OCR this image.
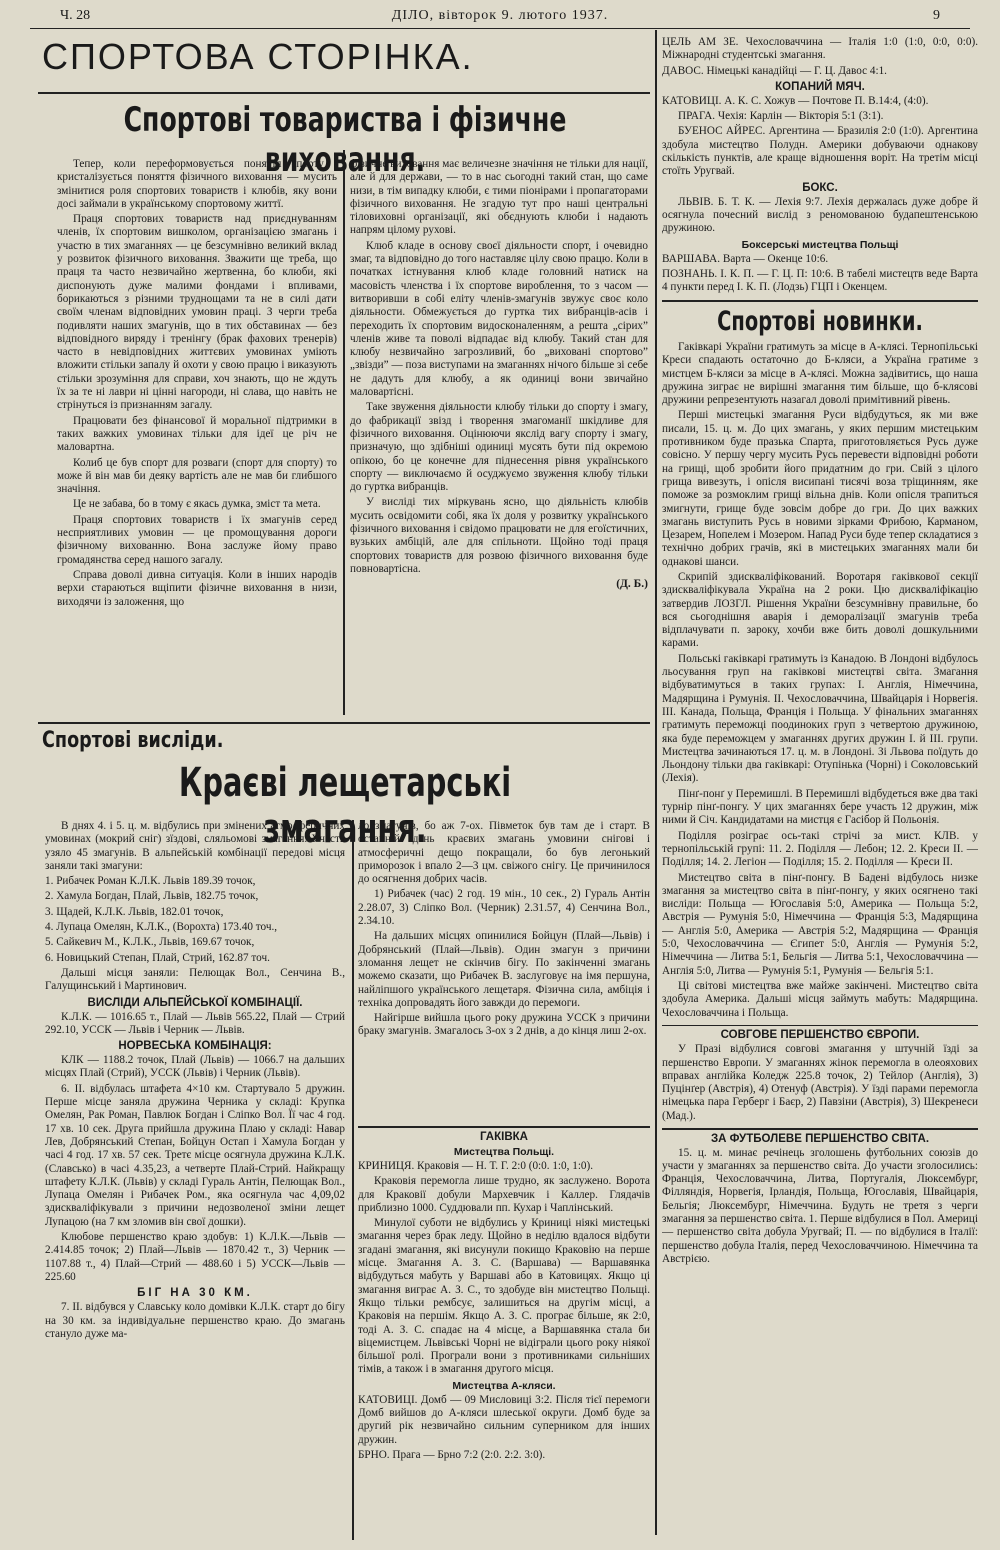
Ч. 28	ДІЛО, вівторок 9. лютого 1937.	9
СПОРТОВА СТОРІНКА.
Спортові товариства і фізичне виховання.

Тепер, коли переформовується поняття спорту і кристалізується поняття фізичного виховання — мусить змінитися роля спортових товариств і клюбів, яку вони досі займали в українському спортовому життї.

Праця спортових товариств над приєднуванням членів, їх спортовим вишколом, організацією змагань і участю в тих змаганнях — це безсумнівно великий вклад у розвиток фізичного виховання. Зважити ще треба, що праця та часто незвичайно жертвенна, бо клюби, які диспонують дуже малими фондами і впливами, борикаються з різними труднощами та не в силі дати своїм членам відповідних умовин праці. З черги треба подивляти наших змагунів, що в тих обставинах — без відповідного виряду і тренінгу (брак фахових тренерів) часто в невідповідних життєвих умовинах уміють вложити стільки запалу й охоти у свою працю і виказують стільки зрозуміння для справи, хоч знають, що не ждуть їх за те ні лаври ні цінні нагороди, ні слава, що навіть не стрінуться із признанням загалу.

Працювати без фінансової й моральної підтримки в таких важких умовинах тільки для ідеї це річ не маловартна.

Колиб це був спорт для розваги (спорт для спорту) то може й він мав би деяку вартість але не мав би глибшого значіння.

Це не забава, бо в тому є якась думка, зміст та мета.

Праця спортових товариств і їх змагунів серед несприятливих умовин — це промощування дороги фізичному вихованню. Вона заслуже йому право громадянства серед нашого загалу.

Справа доволі дивна ситуація. Коли в інших народів верхи стараються вщіпити фізичне виховання в низи, виходячи із заложення, що

фізичне виховання має величезне значіння не тільки для нації, але й для держави, — то в нас сьогодні такий стан, що саме низи, в тім випадку клюби, є тими піонірами і пропагаторами фізичного виховання. Не згадую тут про наші центральні тіловиховні організації, які обєднують клюби і надають напрям цілому рухові.

Клюб кладе в основу своєї діяльности спорт, і очевидно змаг, та відповідно до того наставляє цілу свою працю. Коли в початках істнування клюб кладе головний натиск на масовість членства і їх спортове вироблення, то з часом — витворивши в собі еліту членів-змагунів звужує своє коло діяльности. Обмежується до гуртка тих вибранців-асів і переходить їх спортовим видосконаленням, а решта „сірих” членів живе та поволі відпадає від клюбу. Такий стан для клюбу незвичайно загрозливий, бо „виховані спортово” „звізди” — поза виступами на змаганнях нічого більше зі себе не дадуть для клюбу, а як одиниці вони звичайно маловартісні.

Таке звуження діяльности клюбу тільки до спорту і змагу, до фабрикації звізд і творення змагоманії шкідливе для фізичного виховання. Оцінюючи якслід вагу спорту і змагу, призначую, що здібніші одиниці мусять бути під окремою опікою, бо це конечне для піднесення рівня українського спорту — виключаємо й осуджуємо звуження клюбу тільки до гуртка вибранців.

У висліді тих міркувань ясно, що діяльність клюбів мусить освідомити собі, яка їх доля у розвитку українського фізичного виховання і свідомо працювати не для егоїстичних, вузьких амбіцій, але для спільноти. Щойно тоді праця спортових товариств для розвою фізичного виховання буде повновартісна.

(Д. Б.)
Спортові висліди.
Краєві лещетарські змагання.

В днях 4. і 5. ц. м. відбулись при змінених атмосферичних умовинах (мокрий сніг) зїздові, сляльомові змагання. Участь узяло 45 змагунів. В альпейській комбінації передові місця заняли такі змагуни:

1. Рибачек Роман К.Л.К. Львів 189.39 точок,

2. Хамула Богдан, Плай, Львів, 182.75 точок,

3. Щадей, К.Л.К. Львів, 182.01 точок,

4. Лупаца Омелян, К.Л.К., (Ворохта) 173.40 точ.,

5. Сайкевич М., К.Л.К., Львів, 169.67 точок,

6. Новицький Степан, Плай, Стрий, 162.87 точ.

Дальші місця заняли: Пелющак Вол., Сенчина В., Галущинський і Мартинович.

ВИСЛІДИ АЛЬПЕЙСЬКОЇ КОМБІНАЦІЇ.

К.Л.К. — 1016.65 т., Плай — Львів 565.22, Плай — Стрий 292.10, УССК — Львів і Черник — Львів.

НОРВЕСЬКА КОМБІНАЦІЯ:

КЛК — 1188.2 точок, Плай (Львів) — 1066.7 на дальших місцях Плай (Стрий), УССК (Львів) і Черник (Львів).

6. II. відбулась штафета 4×10 км. Стартувало 5 дружин. Перше місце заняла дружина Черника у складі: Крупка Омелян, Рак Роман, Павлюк Богдан і Сліпко Вол. Її час 4 год. 17 хв. 10 сек. Друга прийшла дружина Плаю у складі: Навар Лев, Добрянський Степан, Бойцун Остап і Хамула Богдан у часі 4 год. 17 хв. 57 сек. Третє місце осягнула дружина К.Л.К. (Славсько) в часі 4.35,23, а четверте Плай-Стрий. Найкращу штафету К.Л.К. (Львів) у складі Гураль Антін, Пелющак Вол., Лупаца Омелян і Рибачек Ром., яка осягнула час 4,09,02 здискваліфікували з причини недозволеної зміни лещет Лупацою (на 7 км зломив він свої дошки).

Клюбове першенство краю здобув: 1) К.Л.К.—Львів — 2.414.85 точок; 2) Плай—Львів — 1870.42 т., 3) Черник — 1107.88 т., 4) Плай—Стрий — 488.60 і 5) УССК—Львів — 225.60

БІГ НА 30 КМ.

7. II. відбувся у Славську коло домівки К.Л.К. старт до бігу на 30 км. за індивідуальне першенство краю. До змагань стануло дуже ма-

ло змагунів, бо аж 7-ох. Півметок був там де і старт. В останній день краєвих змагань умовини снігові і атмосферичні дещо покращали, бо був легонький приморозок і впало 2—3 цм. свіжого снігу. Це причинилося до осягнення добрих часів.

1) Рибачек (час) 2 год. 19 мін., 10 сек., 2) Гураль Антін 2.28.07, 3) Сліпко Вол. (Черник) 2.31.57, 4) Сенчина Вол., 2.34.10.

На дальших місцях опинилися Бойцун (Плай—Львів) і Добрянський (Плай—Львів). Один змагун з причини зломання лещет не скінчив бігу. По закінченні змагань можемо сказати, що Рибачек В. заслуговує на імя першуна, найліпшого українського лещетаря. Фізична сила, амбіція і техніка допровадять його завжди до перемоги.

Найгірше вийшла цього року дружина УССК з причини браку змагунів. Змагалось 3-ох з 2 днів, а до кінця лиш 2-ох.

ГАКІВКА
Мистецтва Польщі.

КРИНИЦЯ. Краковія — Н. Т. Г. 2:0 (0:0. 1:0, 1:0).

Краковія перемогла лише трудно, як заслужено. Ворота для Краковії добули Мархевчик і Каллер. Глядачів приблизно 1000. Суддювали пп. Кухар і Чаплінський.

Минулої суботи не відбулись у Криниці ніякі мистецькі змагання через брак леду. Щойно в неділю вдалося відбути згадані змагання, які висунули покищо Краковію на перше місце. Змагання А. З. С. (Варшава) — Варшавянка відбудуться мабуть у Варшаві або в Катовицях. Якщо ці змагання виграє А. З. С., то здобуде він мистецтво Польщі. Якщо тільки рембсує, залишиться на другім місці, а Краковія на першім. Якщо А. З. С. програє більше, як 2:0, тоді А. З. С. спадає на 4 місце, а Варшавянка стала би віцемистцем. Львівські Чорні не відіграли цього року ніякої більшої ролі. Програли вони з противниками сильніших тімів, а також і в змагання другого місця.

Мистецтва А-кляси.

КАТОВИЦІ. Домб — 09 Мисловиці 3:2. Після тієї перемоги Домб вийшов до А-кляси шлеської округи. Домб буде за другий рік незвичайно сильним суперником для інших дружин.

БРНО. Прага — Брно 7:2 (2:0. 2:2. 3:0).

ЦЕЛЬ АМ ЗЕ. Чехословаччина — Італія 1:0 (1:0, 0:0, 0:0). Міжнародні студентські змагання.

ДАВОС. Німецькі канадійці — Г. Ц. Давос 4:1.

КОПАНИЙ МЯЧ.

КАТОВИЦІ. А. К. С. Хожув — Почтове П. В.14:4, (4:0).

ПРАГА. Чехія: Карлін — Вікторія 5:1 (3:1).

БУЕНОС АЙРЕС. Аргентина — Бразилія 2:0 (1:0). Аргентина здобула мистецтво Полудн. Америки добуваючи однакову скількість пунктів, але краще відношення воріт. На третім місці стоїть Уругвай.

БОКС.

ЛЬВІВ. Б. Т. К. — Лехія 9:7. Лехія держалась дуже добре й осягнула почесний вислід з реномованою будапештенською дружиною.

Боксерські мистецтва Польщі

ВАРШАВА. Варта — Окенце 10:6.

ПОЗНАНЬ. І. К. П. — Г. Ц. П: 10:6. В табелі мистецтв веде Варта 4 пункти перед І. К. П. (Лодзь) ГЦП і Окенцем.

Спортові новинки.

Гаківкарі України гратимуть за місце в А-клясі. Тернопільські Креси спадають остаточно до Б-кляси, а Україна гратиме з мистцем Б-кляси за місце в А-клясі. Можна задівитись, що наша дружина зиграє не вирішні змагання тим більше, що б-клясові дружини репрезентують назагал доволі примітивний рівень.

Перші мистецькі змагання Руси відбудуться, як ми вже писали, 15. ц. м. До цих змагань, у яких першим мистецьким противником буде празька Спарта, приготовляється Русь дуже совісно. У першу чергу мусить Русь перевести відповідні роботи на грищі, щоб зробити його придатним до гри. Свій з цілого грища вивезуть, і опісля висипані тисячі воза тріщинням, яке поможе за розмоклим грищі вільна днів. Коли опісля трапиться змигнути, грище буде зовсім добре до гри. До цих важких змагань виступить Русь в новими зірками Фрибою, Карманом, Цезарем, Нопелем і Мозером. Напад Руси буде тепер складатися з технічно добрих грачів, які в мистецьких змаганнях мали би однакові шанси.

Скрипій здискваліфікований. Воротаря гаківкової секції здискваліфікувала Україна на 2 роки. Цю дискваліфікацію затвердив ЛОЗГЛ. Рішення України безсумнівну правильне, бо вся сьогоднішня аварія і деморалізації змагунів треба відплачувати п. зароку, хочби вже бить доволі дошкульними карами.

Польські гаківкарі гратимуть із Канадою. В Лондоні відбулось льосування груп на гаківкові мистецтві світа. Змагання відбуватимуться в таких групах: І. Англія, Німеччина, Мадярщина і Румунія. II. Чехословаччина, Швайцарія і Норвегія. III. Канада, Польща, Франція і Польща. У фінальних змаганнях гратимуть переможці поодиноких груп з четвертою дружиною, яка буде переможцем у змаганнях других дружин І. й ІІІ. групи. Мистецтва зачинаються 17. ц. м. в Лондоні. Зі Львова поїдуть до Льондону тільки два гаківкарі: Отупінька (Чорні) і Соколовський (Лехія).

Пінґ-понґ у Перемишлі. В Перемишлі відбудеться вже два такі турнір пінґ-понгу. У цих змаганнях бере участь 12 дружин, між ними й Січ. Кандидатами на мистця є Гасібор й Польонія.

Поділля розіграє ось-такі стрічі за мист. КЛВ. у тернопільській групі: 11. 2. Поділля — Лебон; 12. 2. Креси II. — Поділля; 14. 2. Легіон — Поділля; 15. 2. Поділля — Креси II.

Мистецтво світа в пінґ-понгу. В Бадені відбулось низке змагання за мистецтво світа в пінґ-понгу, у яких осягнено такі висліди: Польща — Югославія 5:0, Америка — Польща 5:2, Австрія — Румунія 5:0, Німеччина — Франція 5:3, Мадярщина — Англія 5:0, Америка — Австрія 5:2, Мадярщина — Франція 5:0, Чехословаччина — Єгипет 5:0, Англія — Румунія 5:2, Німеччина — Литва 5:1, Бельгія — Литва 5:1, Чехословаччина — Англія 5:0, Литва — Румунія 5:1, Румунія — Бельгія 5:1.

Ці світові мистецтва вже майже закінчені. Мистецтво світа здобула Америка. Дальші місця займуть мабуть: Мадярщина. Чехословаччина і Польща.

СОВГОВЕ ПЕРШЕНСТВО ЄВРОПИ.

У Празі відбулися совгові змагання у штучній їзді за першенство Европи. У змаганнях жінок перемогла в олеояхових вправах англійка Коледж 225.8 точок, 2) Тейлор (Англія), 3) Пуцінґер (Австрія), 4) Отенуф (Австрія). У їзді парами перемогла німецька пара Герберг і Баєр, 2) Павзіни (Австрія), 3) Шекренеси (Мад.).

ЗА ФУТБОЛЕВЕ ПЕРШЕНСТВО СВІТА.

15. ц. м. минає речінець зголошень футбольних союзів до участи у змаганнях за першенство світа. До участи зголосились: Франція, Чехословаччина, Литва, Португалія, Люксембург, Філляндія, Норвегія, Ірландія, Польща, Югославія, Швайцарія, Бельгія; Люксембург, Німеччина. Будуть не третя з черги змагання за першенство світа. 1. Перше відбулися в Пол. Америці — першенство світа добула Уругвай; П. — по відбулися в Італії: першенство добула Італія, перед Чехословаччиною. Німеччина та Австрією.
